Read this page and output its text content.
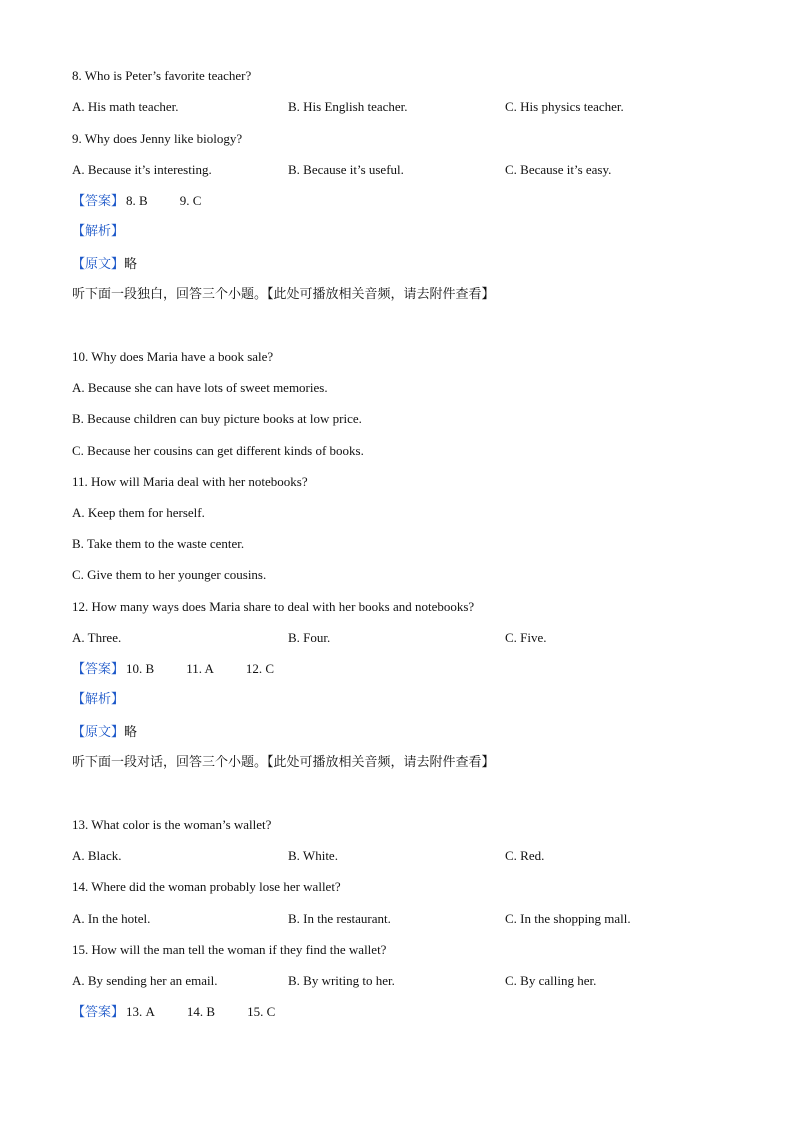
8. Who is Peter’s favorite teacher?
A. His math teacher.	B. His English teacher.	C. His physics teacher.
9. Why does Jenny like biology?
A. Because it’s interesting.	B. Because it’s useful.	C. Because it’s easy.
【答案】 8. B 9. C
【解析】
【原文】略
听下面一段独白，回答三个小题。【此处可播放相关音频，请去附件查看】
10. Why does Maria have a book sale?
A. Because she can have lots of sweet memories.
B. Because children can buy picture books at low price.
C. Because her cousins can get different kinds of books.
11. How will Maria deal with her notebooks?
A. Keep them for herself.
B. Take them to the waste center.
C. Give them to her younger cousins.
12. How many ways does Maria share to deal with her books and notebooks?
A. Three.	B. Four.	C. Five.
【答案】 10. B 11. A 12. C
【解析】
【原文】略
听下面一段对话，回答三个小题。【此处可播放相关音频，请去附件查看】
13. What color is the woman’s wallet?
A. Black.	B. White.	C. Red.
14. Where did the woman probably lose her wallet?
A. In the hotel.	B. In the restaurant.	C. In the shopping mall.
15. How will the man tell the woman if they find the wallet?
A. By sending her an email.	B. By writing to her.	C. By calling her.
【答案】 13. A 14. B 15. C
